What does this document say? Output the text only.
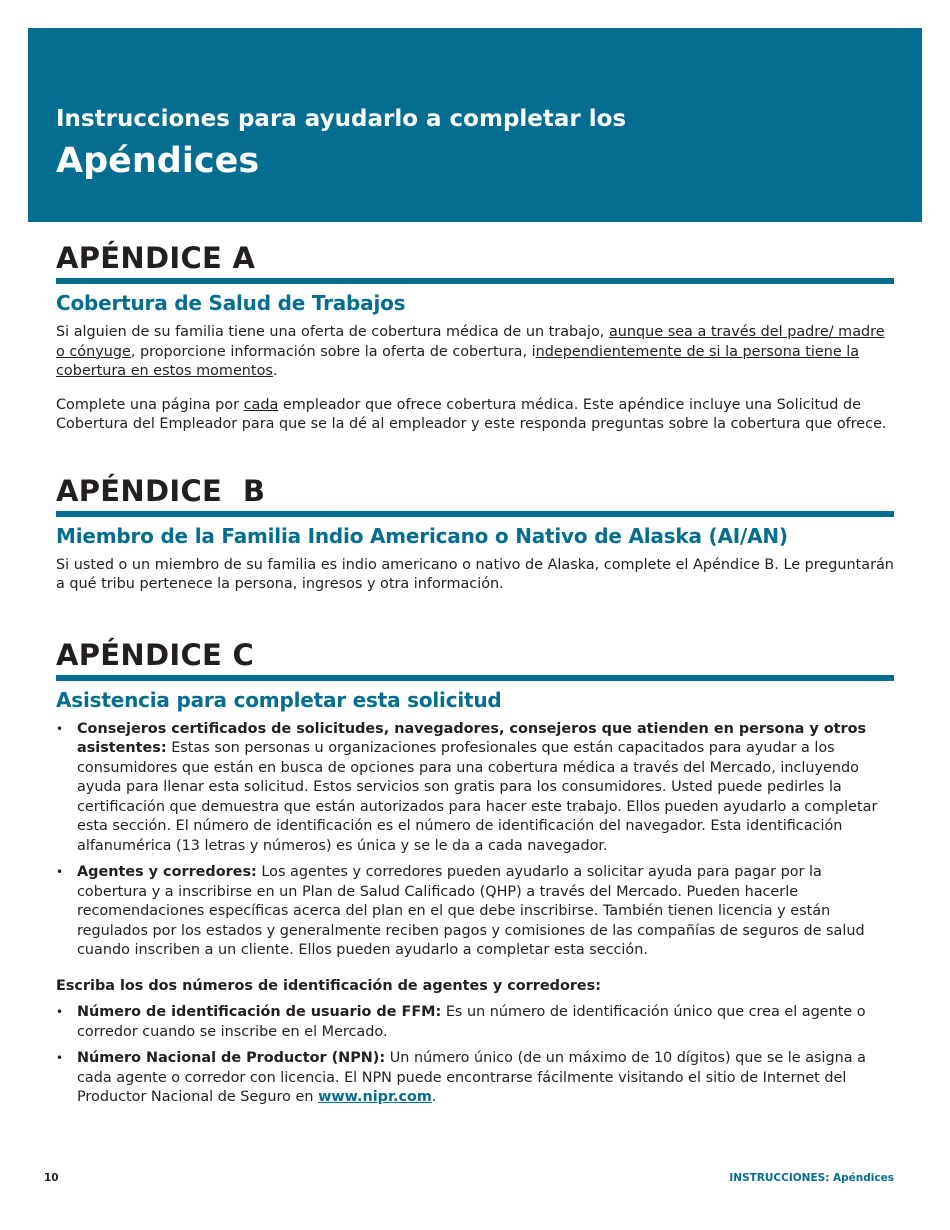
Instrucciones para ayudarlo a completar los
Apéndices
APÉNDICE A
Cobertura de Salud de Trabajos

Si alguien de su familia tiene una oferta de cobertura médica de un trabajo, aunque sea a través del padre/ madre o cónyuge, proporcione información sobre la oferta de cobertura, independientemente de si la persona tiene la cobertura en estos momentos.

Complete una página por cada empleador que ofrece cobertura médica. Este apéndice incluye una Solicitud de Cobertura del Empleador para que se la dé al empleador y este responda preguntas sobre la cobertura que ofrece.

APÉNDICE  B
Miembro de la Familia Indio Americano o Nativo de Alaska (AI/AN)

Si usted o un miembro de su familia es indio americano o nativo de Alaska, complete el Apéndice B. Le preguntarán a qué tribu pertenece la persona, ingresos y otra información.

APÉNDICE C
Asistencia para completar esta solicitud
• Consejeros certificados de solicitudes, navegadores, consejeros que atienden en persona y otros asistentes: Estas son personas u organizaciones profesionales que están capacitados para ayudar a los consumidores que están en busca de opciones para una cobertura médica a través del Mercado, incluyendo ayuda para llenar esta solicitud. Estos servicios son gratis para los consumidores. Usted puede pedirles la certificación que demuestra que están autorizados para hacer este trabajo. Ellos pueden ayudarlo a completar esta sección. El número de identificación es el número de identificación del navegador. Esta identificación alfanumérica (13 letras y números) es única y se le da a cada navegador.
• Agentes y corredores: Los agentes y corredores pueden ayudarlo a solicitar ayuda para pagar por la cobertura y a inscribirse en un Plan de Salud Calificado (QHP) a través del Mercado. Pueden hacerle recomendaciones específicas acerca del plan en el que debe inscribirse. También tienen licencia y están regulados por los estados y generalmente reciben pagos y comisiones de las compañías de seguros de salud cuando inscriben a un cliente. Ellos pueden ayudarlo a completar esta sección.
Escriba los dos números de identificación de agentes y corredores:
• Número de identificación de usuario de FFM: Es un número de identificación único que crea el agente o corredor cuando se inscribe en el Mercado.
• Número Nacional de Productor (NPN): Un número único (de un máximo de 10 dígitos) que se le asigna a cada agente o corredor con licencia. El NPN puede encontrarse fácilmente visitando el sitio de Internet del Productor Nacional de Seguro en www.nipr.com.
10	INSTRUCCIONES: Apéndices
